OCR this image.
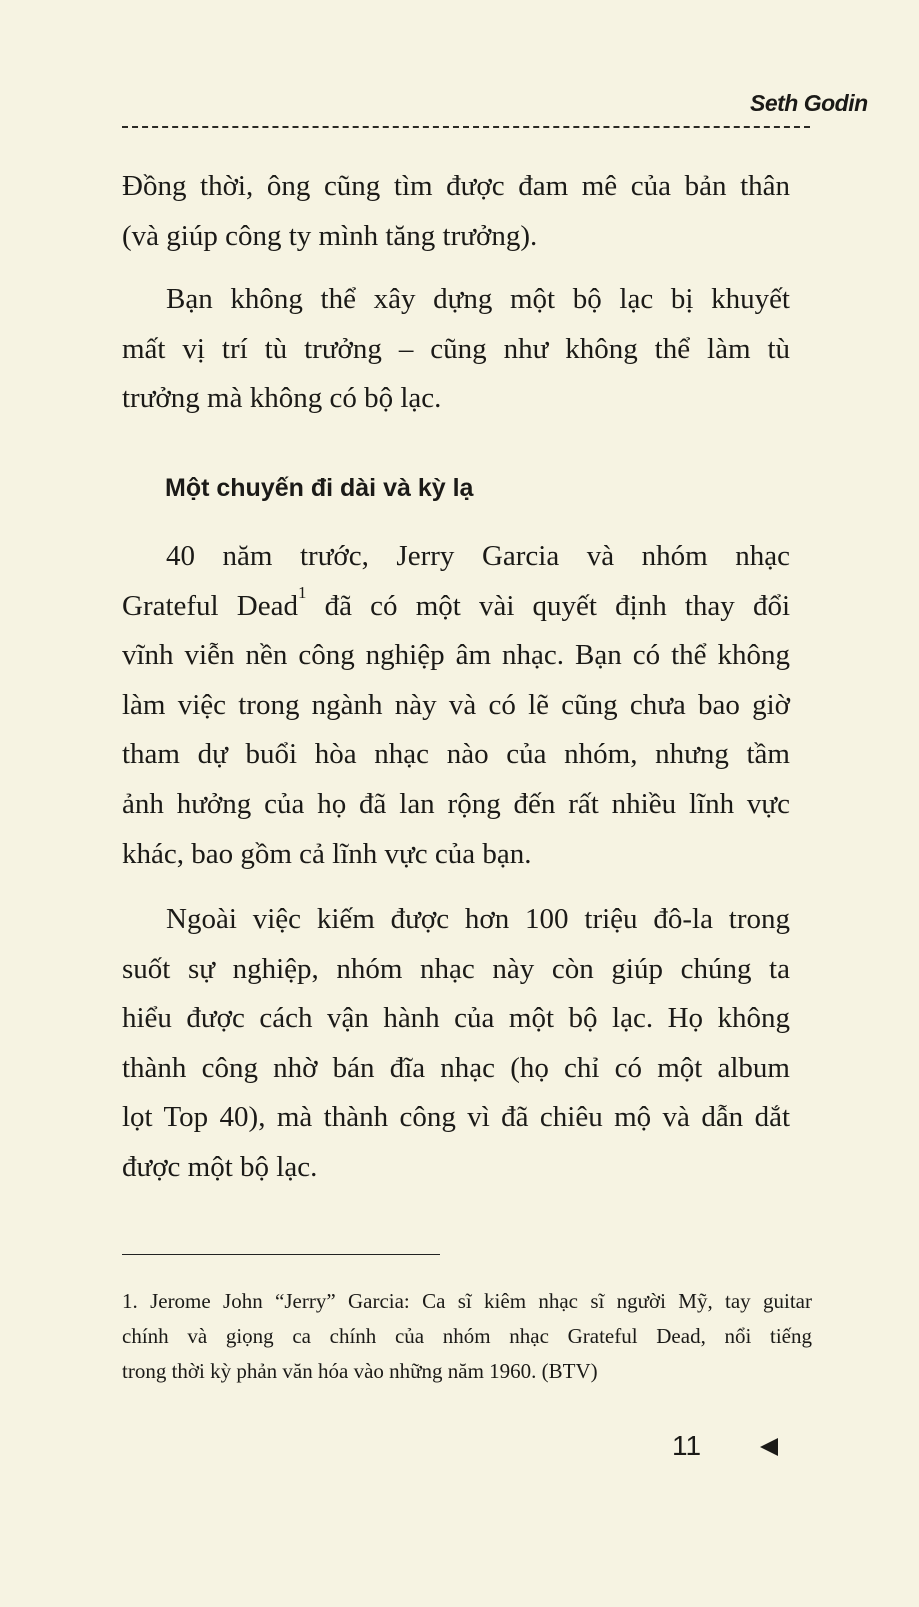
Seth Godin
Đồng thời, ông cũng tìm được đam mê của bản thân
(và giúp công ty mình tăng trưởng).
Bạn không thể xây dựng một bộ lạc bị khuyết
mất vị trí tù trưởng – cũng như không thể làm tù
trưởng mà không có bộ lạc.
Một chuyến đi dài và kỳ lạ
40 năm trước, Jerry Garcia và nhóm nhạc
Grateful Dead$^1$ đã có một vài quyết định thay đổi
vĩnh viễn nền công nghiệp âm nhạc. Bạn có thể không
làm việc trong ngành này và có lẽ cũng chưa bao giờ
tham dự buổi hòa nhạc nào của nhóm, nhưng tầm
ảnh hưởng của họ đã lan rộng đến rất nhiều lĩnh vực
khác, bao gồm cả lĩnh vực của bạn.
Ngoài việc kiếm được hơn 100 triệu đô-la trong
suốt sự nghiệp, nhóm nhạc này còn giúp chúng ta
hiểu được cách vận hành của một bộ lạc. Họ không
thành công nhờ bán đĩa nhạc (họ chỉ có một album
lọt Top 40), mà thành công vì đã chiêu mộ và dẫn dắt
được một bộ lạc.
1. Jerome John “Jerry” Garcia: Ca sĩ kiêm nhạc sĩ người Mỹ, tay guitar
chính và giọng ca chính của nhóm nhạc Grateful Dead, nổi tiếng
trong thời kỳ phản văn hóa vào những năm 1960. (BTV)
11
